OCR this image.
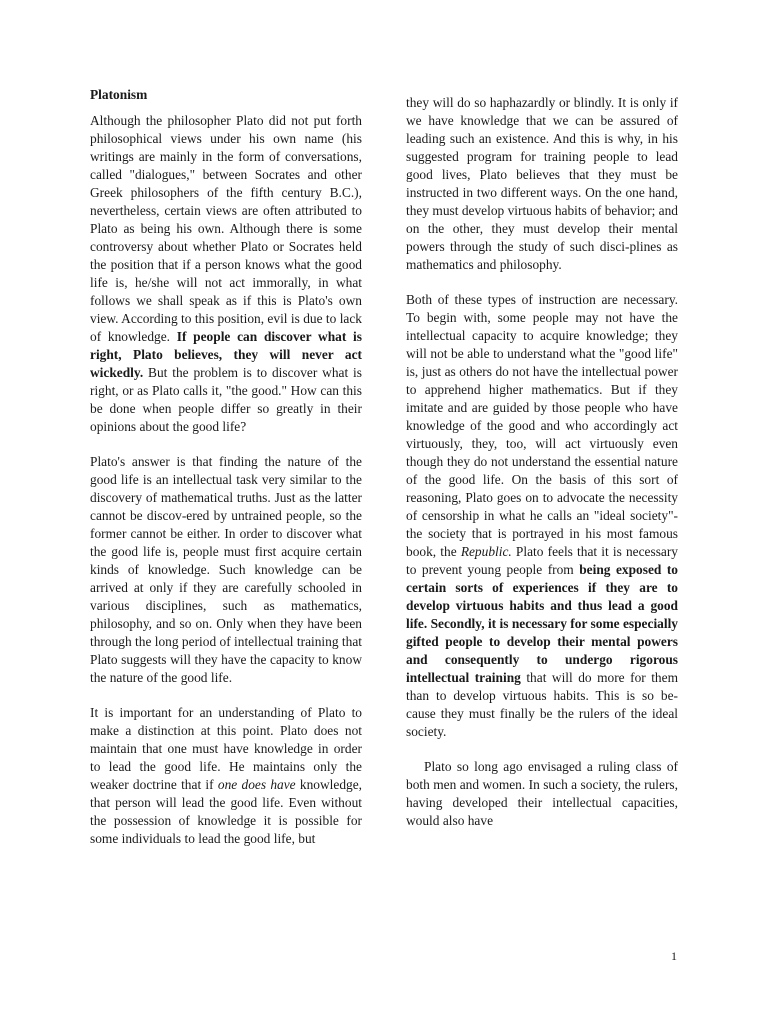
Platonism

Although the philosopher Plato did not put forth philosophical views under his own name (his writings are mainly in the form of conversations, called "dialogues," between Socrates and other Greek philosophers of the fifth century B.C.), nevertheless, certain views are often attributed to Plato as being his own. Although there is some controversy about whether Plato or Socrates held the position that if a person knows what the good life is, he/she will not act immorally, in what follows we shall speak as if this is Plato's own view. According to this position, evil is due to lack of knowledge. If people can discover what is right, Plato believes, they will never act wickedly. But the problem is to discover what is right, or as Plato calls it, "the good." How can this be done when people differ so greatly in their opinions about the good life?

Plato's answer is that finding the nature of the good life is an intellectual task very similar to the discovery of mathematical truths. Just as the latter cannot be discov-ered by untrained people, so the former cannot be either. In order to discover what the good life is, people must first acquire certain kinds of knowledge. Such knowledge can be arrived at only if they are carefully schooled in various disciplines, such as mathematics, philosophy, and so on. Only when they have been through the long period of intellectual training that Plato suggests will they have the capacity to know the nature of the good life.

It is important for an understanding of Plato to make a distinction at this point. Plato does not maintain that one must have knowledge in order to lead the good life. He maintains only the weaker doctrine that if one does have knowledge, that person will lead the good life. Even without the possession of knowledge it is possible for some individuals to lead the good life, but

they will do so haphazardly or blindly. It is only if we have knowledge that we can be assured of leading such an existence. And this is why, in his suggested program for training people to lead good lives, Plato believes that they must be instructed in two different ways. On the one hand, they must develop virtuous habits of behavior; and on the other, they must develop their mental powers through the study of such disci-plines as mathematics and philosophy.

Both of these types of instruction are necessary. To begin with, some people may not have the intellectual capacity to acquire knowledge; they will not be able to understand what the "good life" is, just as others do not have the intellectual power to apprehend higher mathematics. But if they imitate and are guided by those people who have knowledge of the good and who accordingly act virtuously, they, too, will act virtuously even though they do not understand the essential nature of the good life. On the basis of this sort of reasoning, Plato goes on to advocate the necessity of censorship in what he calls an "ideal society"-the society that is portrayed in his most famous book, the Republic. Plato feels that it is necessary to prevent young people from being exposed to certain sorts of experiences if they are to develop virtuous habits and thus lead a good life. Secondly, it is necessary for some especially gifted people to develop their mental powers and consequently to undergo rigorous intellectual training that will do more for them than to develop virtuous habits. This is so be-cause they must finally be the rulers of the ideal society.

Plato so long ago envisaged a ruling class of both men and women. In such a society, the rulers, having developed their intellectual capacities, would also have

1
